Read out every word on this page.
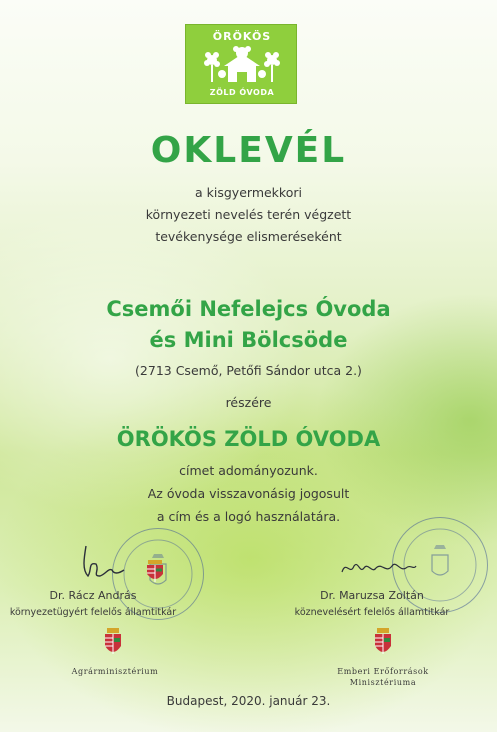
ÖRÖKÖS
ZÖLD ÓVODA
OKLEVÉL
a kisgyermekkori
környezeti nevelés terén végzett
tevékenysége elismeréseként
Csemői Nefelejcs Óvoda
és Mini Bölcsöde
(2713 Csemő, Petőfi Sándor utca 2.)
részére
ÖRÖKÖS ZÖLD ÓVODA
címet adományozunk.
Az óvoda visszavonásig jogosult
a cím és a logó használatára.
Dr. Rácz András
környezetügyért felelős államtitkár
Dr. Maruzsa Zoltán
köznevelésért felelős államtitkár
Agrárminisztérium	Emberi Erőforrások
Minisztériuma
Budapest, 2020. január 23.
